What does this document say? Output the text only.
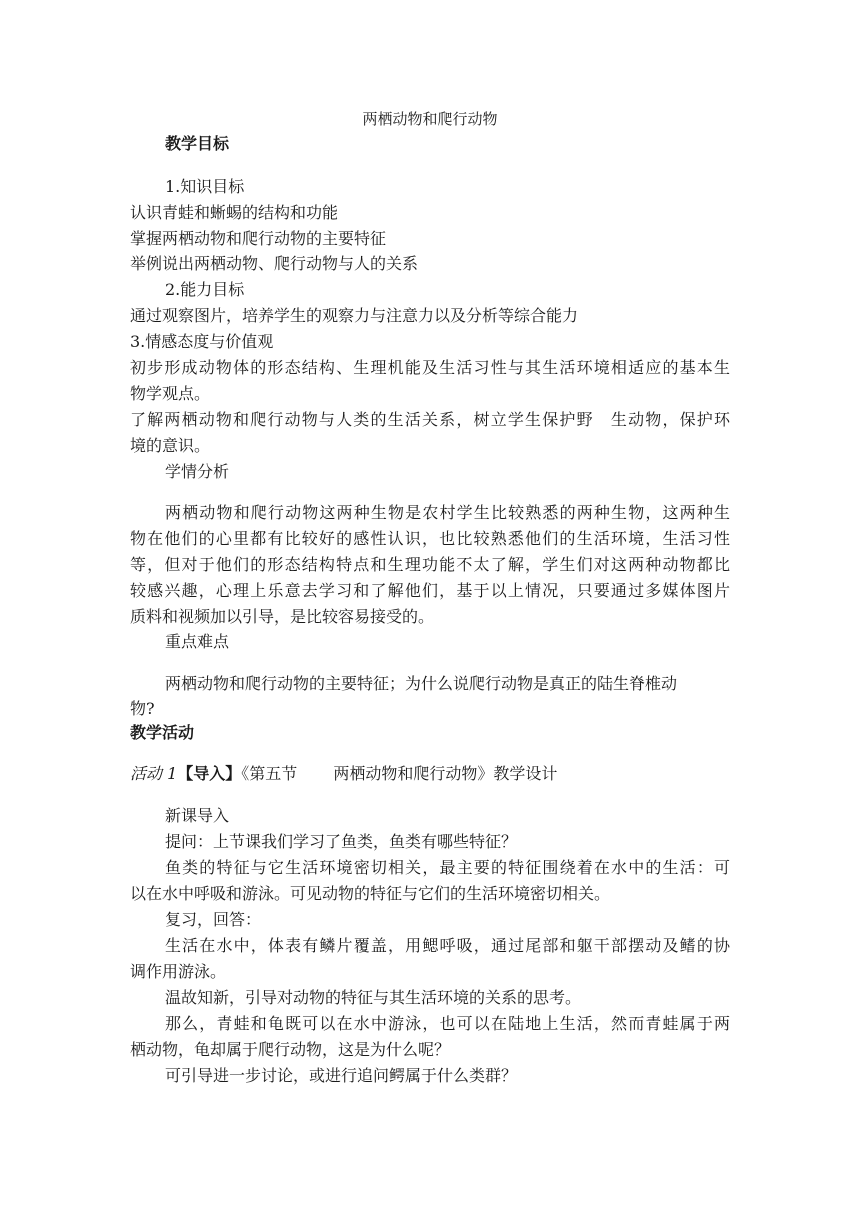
两栖动物和爬行动物
教学目标
1.知识目标
认识青蛙和蜥蜴的结构和功能
掌握两栖动物和爬行动物的主要特征
举例说出两栖动物、爬行动物与人的关系
2.能力目标
通过观察图片，培养学生的观察力与注意力以及分析等综合能力
3.情感态度与价值观
初步形成动物体的形态结构、生理机能及生活习性与其生活环境相适应的基本生
物学观点。
了解两栖动物和爬行动物与人类的生活关系，树立学生保护野　生动物，保护环
境的意识。
学情分析
两栖动物和爬行动物这两种生物是农村学生比较熟悉的两种生物，这两种生
物在他们的心里都有比较好的感性认识，也比较熟悉他们的生活环境，生活习性
等，但对于他们的形态结构特点和生理功能不太了解，学生们对这两种动物都比
较感兴趣，心理上乐意去学习和了解他们，基于以上情况，只要通过多媒体图片
质料和视频加以引导，是比较容易接受的。
重点难点
两栖动物和爬行动物的主要特征；为什么说爬行动物是真正的陆生脊椎动
物?
教学活动
活动 1【导入】《第五节 两栖动物和爬行动物》教学设计
新课导入
提问：上节课我们学习了鱼类，鱼类有哪些特征？
鱼类的特征与它生活环境密切相关，最主要的特征围绕着在水中的生活：可
以在水中呼吸和游泳。可见动物的特征与它们的生活环境密切相关。
复习，回答：
生活在水中，体表有鳞片覆盖，用鳃呼吸，通过尾部和躯干部摆动及鳍的协
调作用游泳。
温故知新，引导对动物的特征与其生活环境的关系的思考。
那么，青蛙和龟既可以在水中游泳，也可以在陆地上生活，然而青蛙属于两
栖动物，龟却属于爬行动物，这是为什么呢？
可引导进一步讨论，或进行追问鳄属于什么类群？
